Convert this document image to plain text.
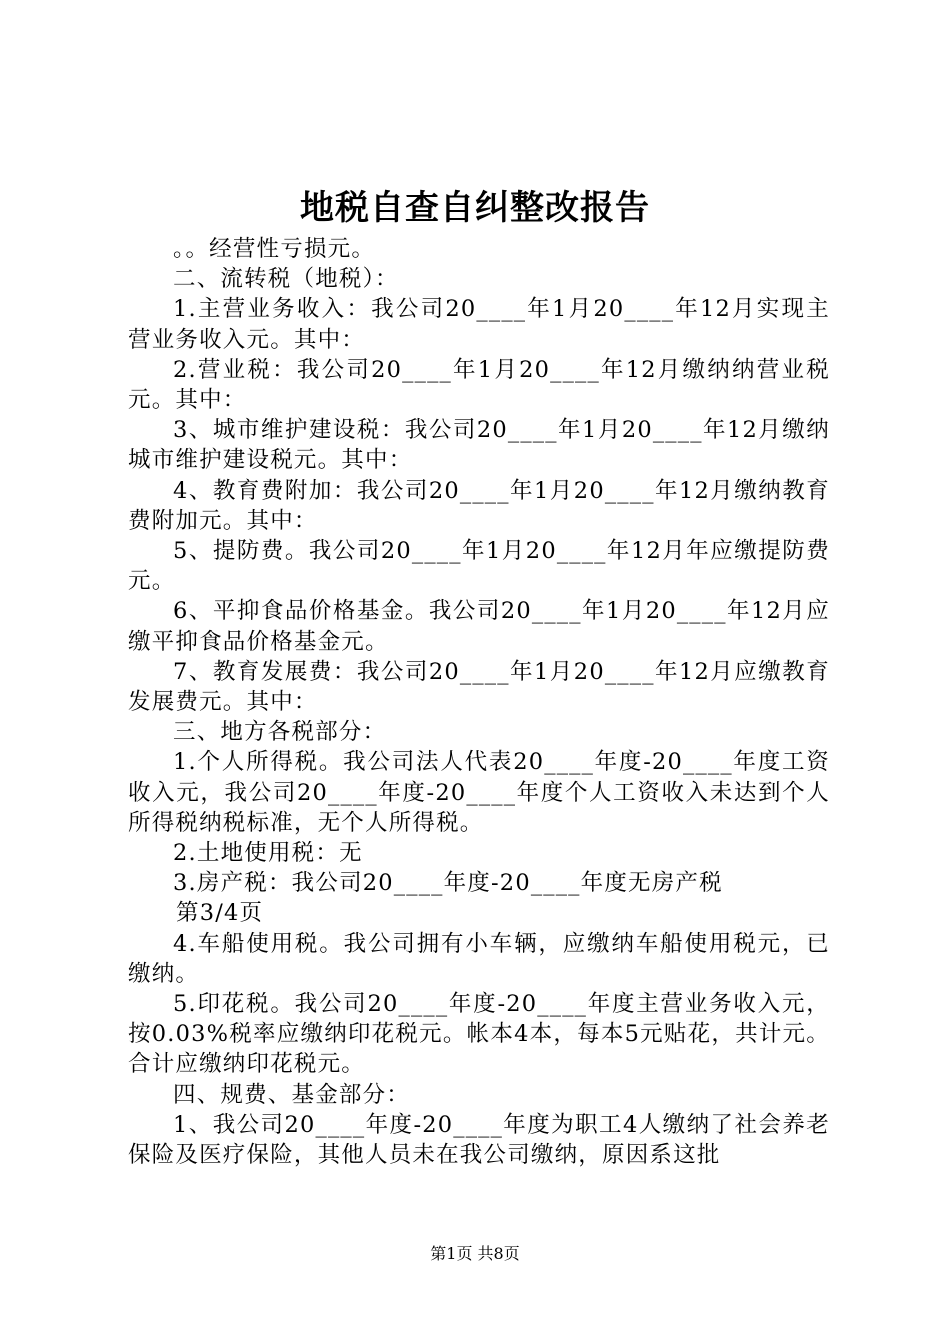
地税自查自纠整改报告

。。经营性亏损元。

二、流转税（地税）：

1.主营业务收入：我公司20____年1月20____年12月实现主营业务收入元。其中：

2.营业税：我公司20____年1月20____年12月缴纳纳营业税元。其中：

3、城市维护建设税：我公司20____年1月20____年12月缴纳城市维护建设税元。其中：

4、教育费附加：我公司20____年1月20____年12月缴纳教育费附加元。其中：

5、提防费。我公司20____年1月20____年12月年应缴提防费元。

6、平抑食品价格基金。我公司20____年1月20____年12月应缴平抑食品价格基金元。

7、教育发展费：我公司20____年1月20____年12月应缴教育发展费元。其中：

三、地方各税部分：

1.个人所得税。我公司法人代表20____年度-20____年度工资收入元，我公司20____年度-20____年度个人工资收入未达到个人所得税纳税标准，无个人所得税。

2.土地使用税：无

3.房产税：我公司20____年度-20____年度无房产税

第3/4页

4.车船使用税。我公司拥有小车辆，应缴纳车船使用税元，已缴纳。

5.印花税。我公司20____年度-20____年度主营业务收入元，按0.03%税率应缴纳印花税元。帐本4本，每本5元贴花，共计元。合计应缴纳印花税元。

四、规费、基金部分：

1、我公司20____年度-20____年度为职工4人缴纳了社会养老保险及医疗保险，其他人员未在我公司缴纳，原因系这批

第1页 共8页
